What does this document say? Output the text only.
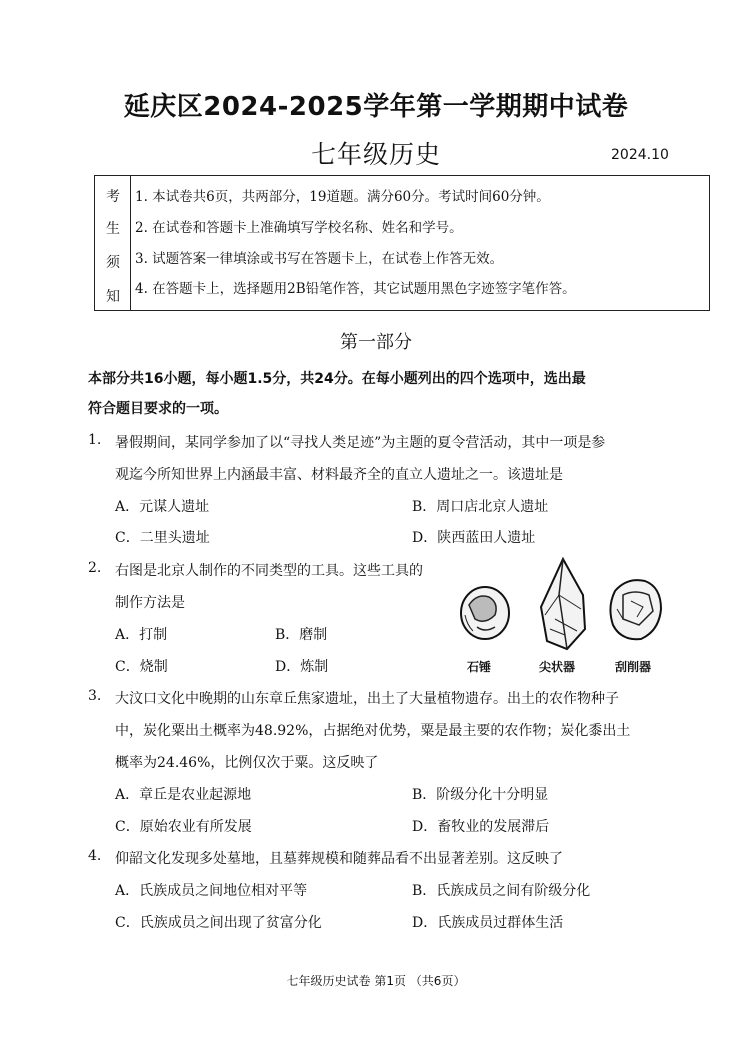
延庆区2024-2025学年第一学期期中试卷
七年级历史	2024.10
考
生
须
知
1. 本试卷共6页，共两部分，19道题。满分60分。考试时间60分钟。
2. 在试卷和答题卡上准确填写学校名称、姓名和学号。
3. 试题答案一律填涂或书写在答题卡上，在试卷上作答无效。
4. 在答题卡上，选择题用2B铅笔作答，其它试题用黑色字迹签字笔作答。
第一部分
本部分共16小题，每小题1.5分，共24分。在每小题列出的四个选项中，选出最
符合题目要求的一项。
1. 暑假期间，某同学参加了以“寻找人类足迹”为主题的夏令营活动，其中一项是参
观迄今所知世界上内涵最丰富、材料最齐全的直立人遗址之一。该遗址是
A．元谋人遗址	B．周口店北京人遗址
C．二里头遗址	D．陕西蓝田人遗址
2. 右图是北京人制作的不同类型的工具。这些工具的
制作方法是
A．打制	B．磨制
C．烧制	D．炼制	石锤	尖状器	刮削器
3. 大汶口文化中晚期的山东章丘焦家遗址，出土了大量植物遗存。出土的农作物种子
中，炭化粟出土概率为48.92%，占据绝对优势，粟是最主要的农作物；炭化黍出土
概率为24.46%，比例仅次于粟。这反映了
A．章丘是农业起源地	B．阶级分化十分明显
C．原始农业有所发展	D．畜牧业的发展滞后
4. 仰韶文化发现多处墓地，且墓葬规模和随葬品看不出显著差别。这反映了
A．氏族成员之间地位相对平等	B．氏族成员之间有阶级分化
C．氏族成员之间出现了贫富分化	D．氏族成员过群体生活
七年级历史试卷 第1页 （共6页）
